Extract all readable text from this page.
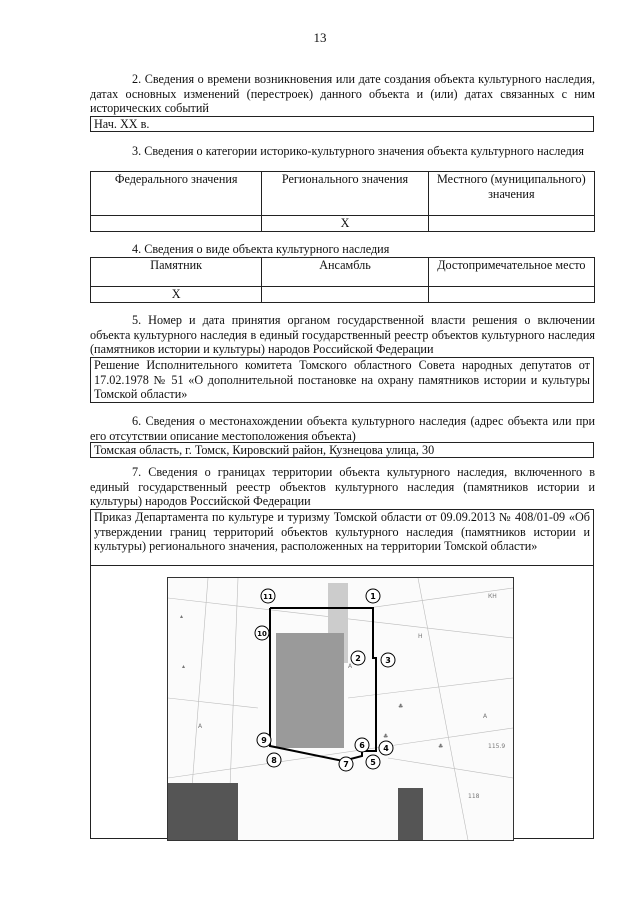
13
2. Сведения о времени возникновения или дате создания объекта культурного наследия, датах основных изменений (перестроек) данного объекта и (или) датах связанных с ним исторических событий
Нач. XX в.
3. Сведения о категории историко-культурного значения объекта культурного наследия
Федерального значения	Регионального значения	Местного (муниципального) значения
	Х	
4. Сведения о виде объекта культурного наследия
Памятник	Ансамбль	Достопримечательное место
Х		
5. Номер и дата принятия органом государственной власти решения о включении объекта культурного наследия в единый государственный реестр объектов культурного наследия (памятников истории и культуры) народов Российской Федерации
Решение Исполнительного комитета Томского областного Совета народных депутатов от 17.02.1978 № 51 «О дополнительной постановке на охрану памятников истории и культуры Томской области»
6. Сведения о местонахождении объекта культурного наследия (адрес объекта или при его отсутствии описание местоположения объекта)
Томская область, г. Томск, Кировский район, Кузнецова улица, 30
7. Сведения о границах территории объекта культурного наследия, включенного в единый государственный реестр объектов культурного наследия (памятников истории и культуры) народов Российской Федерации
Приказ Департамента по культуре и туризму Томской области от 09.09.2013 № 408/01-09 «Об утверждении границ территорий объектов культурного наследия (памятников истории и культуры) регионального значения, расположенных на территории Томской области»
A
A
A
H
♣
♣
▴
▴
♣
115.9
118
КН
1
2	3
4
5
6
7
8
9
10
11
